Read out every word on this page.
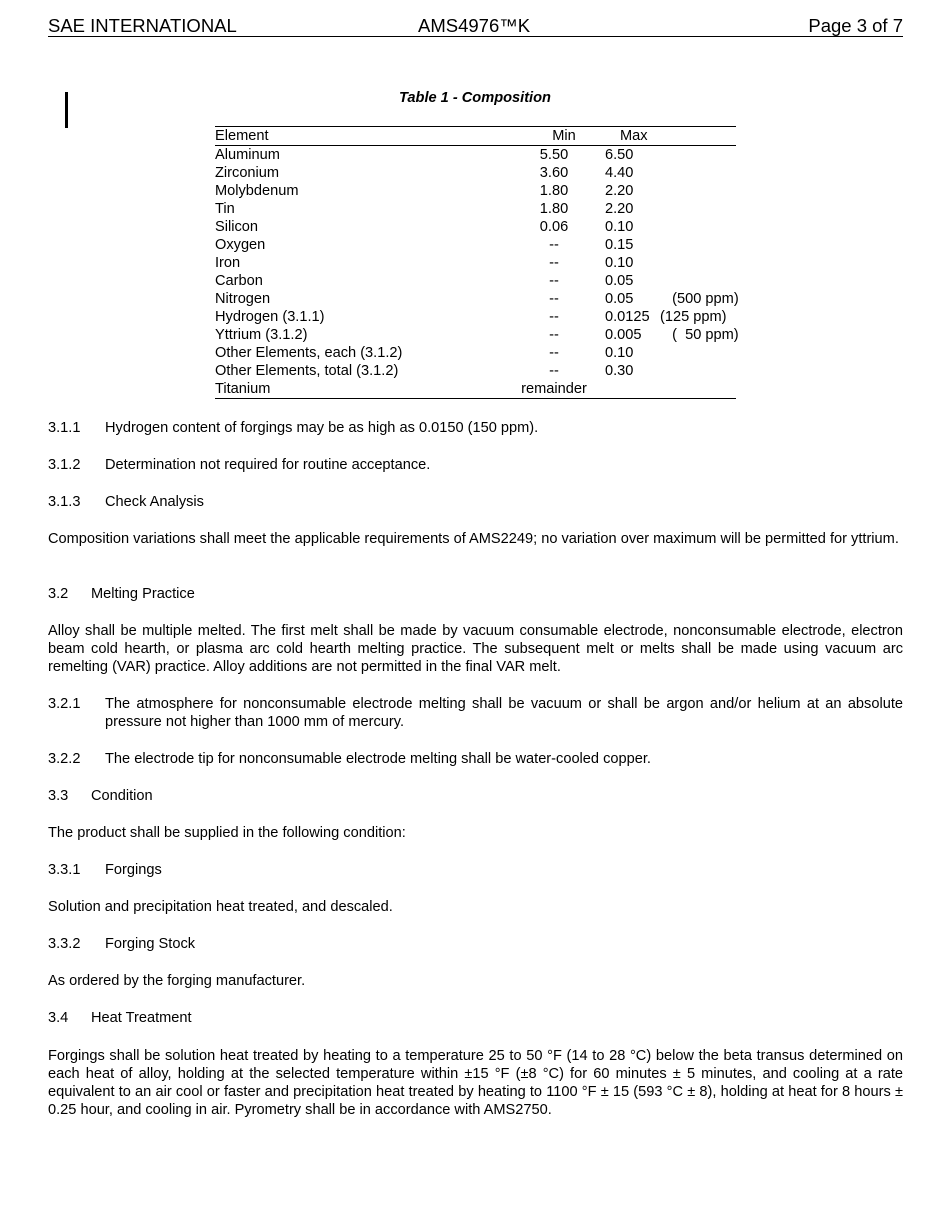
SAE INTERNATIONAL	AMS4976™K	Page 3 of 7
Table 1 - Composition
Element	Min	Max
Aluminum	5.50	6.50
Zirconium	3.60	4.40
Molybdenum	1.80	2.20
Tin	1.80	2.20
Silicon	0.06	0.10
Oxygen	--	0.15
Iron	--	0.10
Carbon	--	0.05
Nitrogen	--	0.05 (500 ppm)
Hydrogen (3.1.1)	--	0.0125 (125 ppm)
Yttrium (3.1.2)	--	0.005 (  50 ppm)
Other Elements, each (3.1.2)	--	0.10
Other Elements, total (3.1.2)	--	0.30
Titanium	remainder
3.1.1 Hydrogen content of forgings may be as high as 0.0150 (150 ppm).
3.1.2 Determination not required for routine acceptance.
3.1.3 Check Analysis

Composition variations shall meet the applicable requirements of AMS2249; no variation over maximum will be permitted for yttrium.

3.2 Melting Practice

Alloy shall be multiple melted. The first melt shall be made by vacuum consumable electrode, nonconsumable electrode, electron beam cold hearth, or plasma arc cold hearth melting practice. The subsequent melt or melts shall be made using vacuum arc remelting (VAR) practice. Alloy additions are not permitted in the final VAR melt.

3.2.1 The atmosphere for nonconsumable electrode melting shall be vacuum or shall be argon and/or helium at an absolute pressure not higher than 1000 mm of mercury.
3.2.2 The electrode tip for nonconsumable electrode melting shall be water-cooled copper.
3.3 Condition

The product shall be supplied in the following condition:

3.3.1 Forgings

Solution and precipitation heat treated, and descaled.

3.3.2 Forging Stock

As ordered by the forging manufacturer.

3.4 Heat Treatment

Forgings shall be solution heat treated by heating to a temperature 25 to 50 °F (14 to 28 °C) below the beta transus determined on each heat of alloy, holding at the selected temperature within ±15 °F (±8 °C) for 60 minutes ± 5 minutes, and cooling at a rate equivalent to an air cool or faster and precipitation heat treated by heating to 1100 °F ± 15 (593 °C ± 8), holding at heat for 8 hours ± 0.25 hour, and cooling in air. Pyrometry shall be in accordance with AMS2750.
